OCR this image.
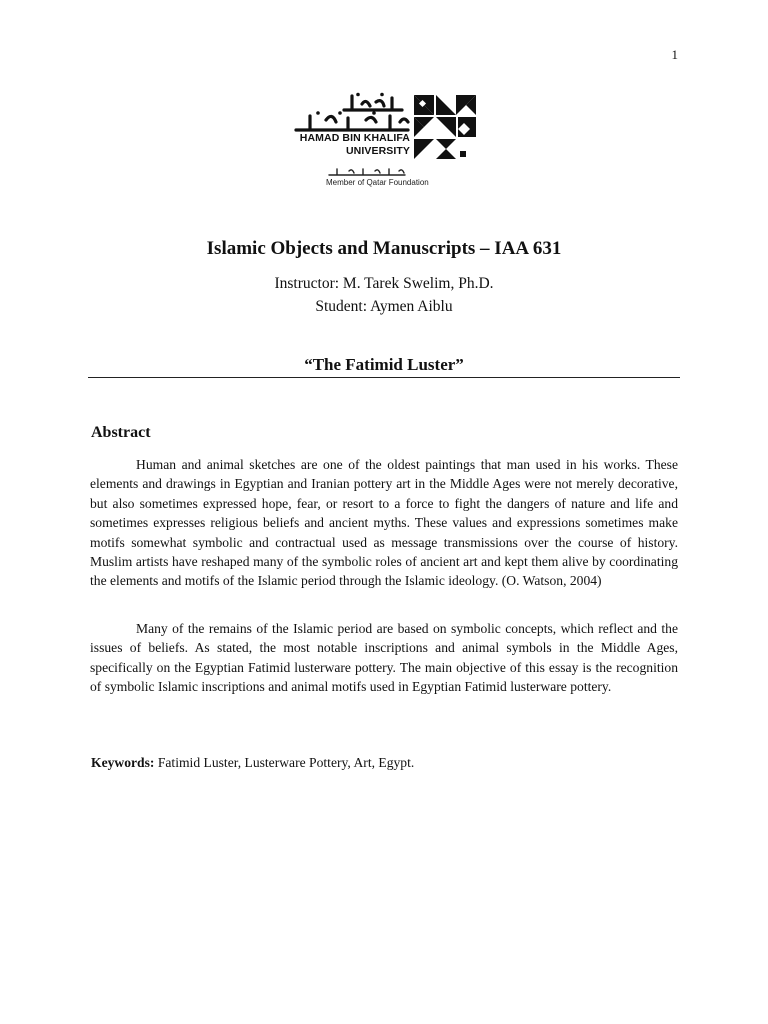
1
HAMAD BIN KHALIFA
UNIVERSITY
Member of Qatar Foundation
Islamic Objects and Manuscripts – IAA 631
Instructor: M. Tarek Swelim, Ph.D.
Student: Aymen Aiblu
“The Fatimid Luster”
Abstract

Human and animal sketches are one of the oldest paintings that man used in his works. These elements and drawings in Egyptian and Iranian pottery art in the Middle Ages were not merely decorative, but also sometimes expressed hope, fear, or resort to a force to fight the dangers of nature and life and sometimes expresses religious beliefs and ancient myths. These values and expressions sometimes make motifs somewhat symbolic and contractual used as message transmissions over the course of history. Muslim artists have reshaped many of the symbolic roles of ancient art and kept them alive by coordinating the elements and motifs of the Islamic period through the Islamic ideology. (O. Watson, 2004)

Many of the remains of the Islamic period are based on symbolic concepts, which reflect and the issues of beliefs. As stated, the most notable inscriptions and animal symbols in the Middle Ages, specifically on the Egyptian Fatimid lusterware pottery. The main objective of this essay is the recognition of symbolic Islamic inscriptions and animal motifs used in Egyptian Fatimid lusterware pottery.

Keywords: Fatimid Luster, Lusterware Pottery, Art, Egypt.
